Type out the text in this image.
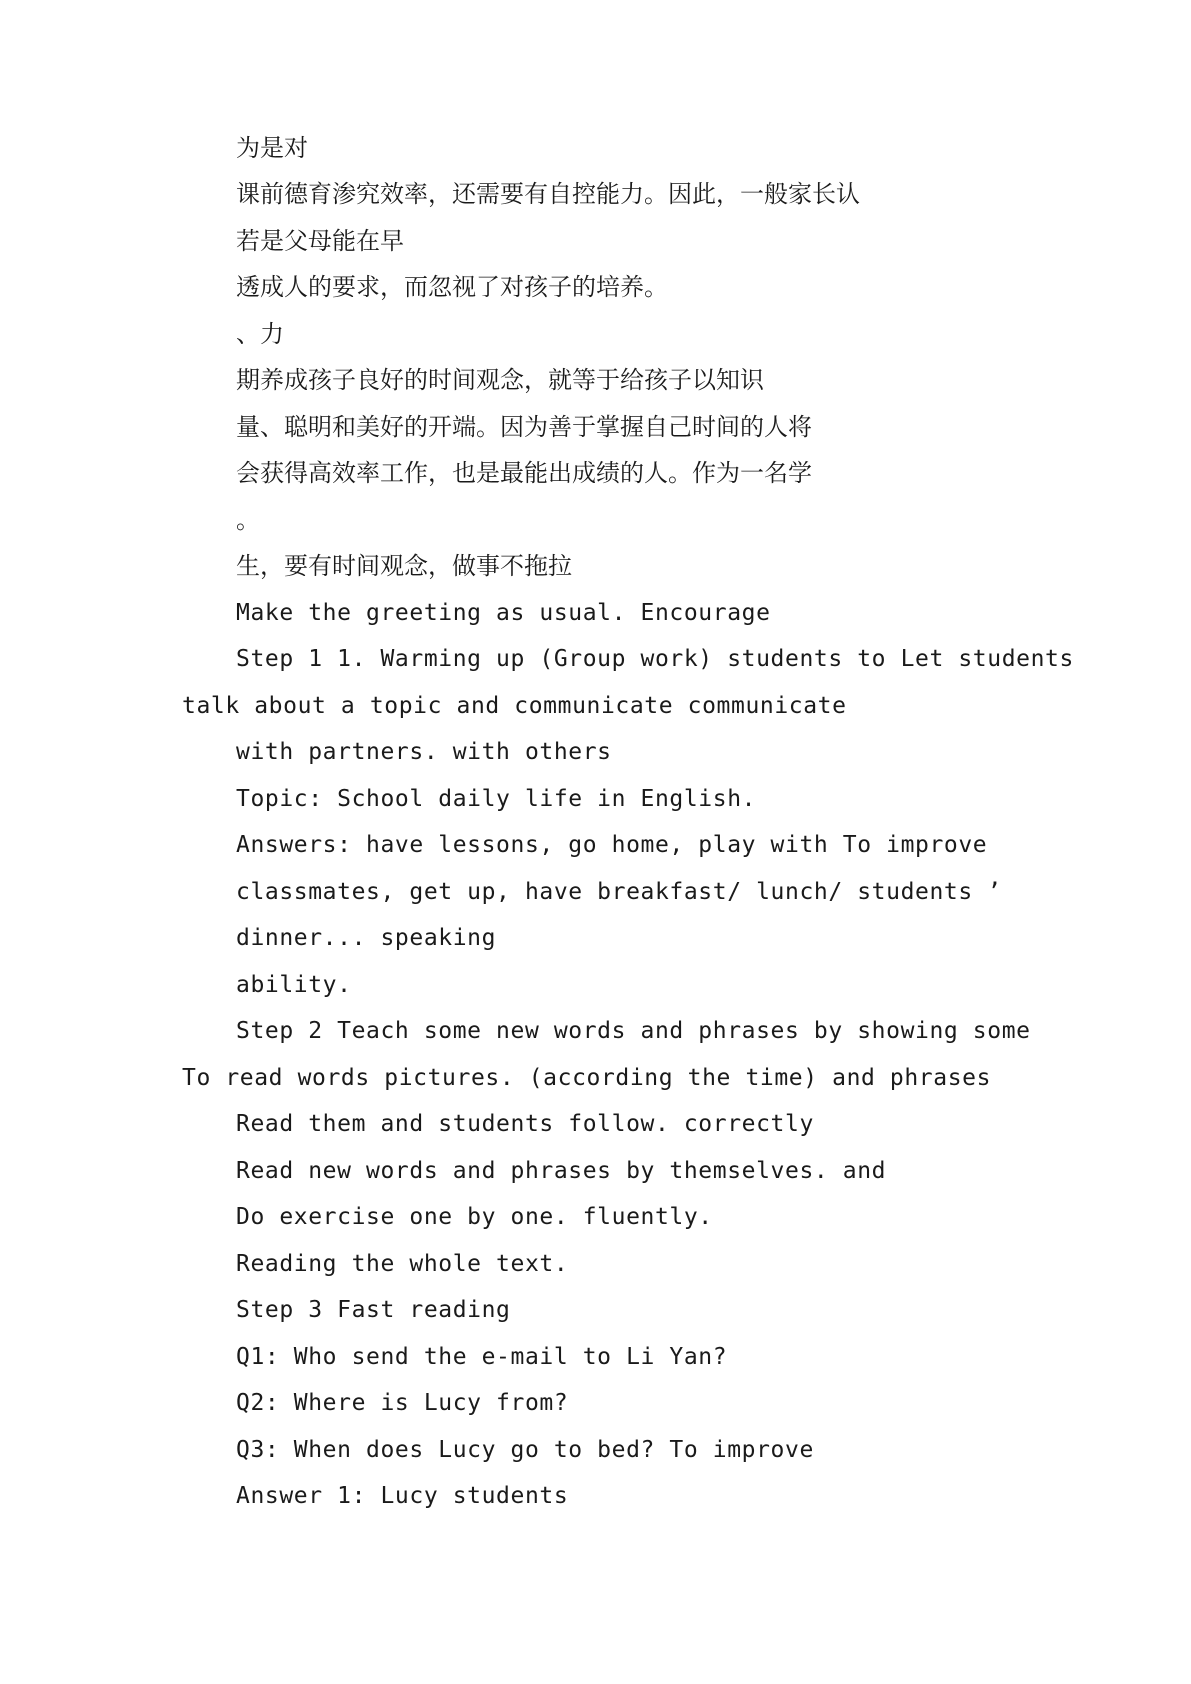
为是对
课前德育渗究效率，还需要有自控能力。因此，一般家长认
若是父母能在早
透成人的要求，而忽视了对孩子的培养。
、力
期养成孩子良好的时间观念，就等于给孩子以知识
量、聪明和美好的开端。因为善于掌握自己时间的人将
会获得高效率工作，也是最能出成绩的人。作为一名学
。
生，要有时间观念，做事不拖拉
Make the greeting as usual. Encourage
Step 1 1. Warming up (Group work) students to Let students
talk about a topic and communicate communicate
with partners. with others
Topic: School daily life in English.
Answers: have lessons, go home, play with To improve
classmates, get up, have breakfast/ lunch/ students ’
dinner... speaking
ability.
Step 2 Teach some new words and phrases by showing some
To read words pictures. (according the time) and phrases
Read them and students follow. correctly
Read new words and phrases by themselves. and
Do exercise one by one. fluently.
Reading the whole text.
Step 3 Fast reading
Q1: Who send the e-mail to Li Yan?
Q2: Where is Lucy from?
Q3: When does Lucy go to bed? To improve
Answer 1: Lucy students
